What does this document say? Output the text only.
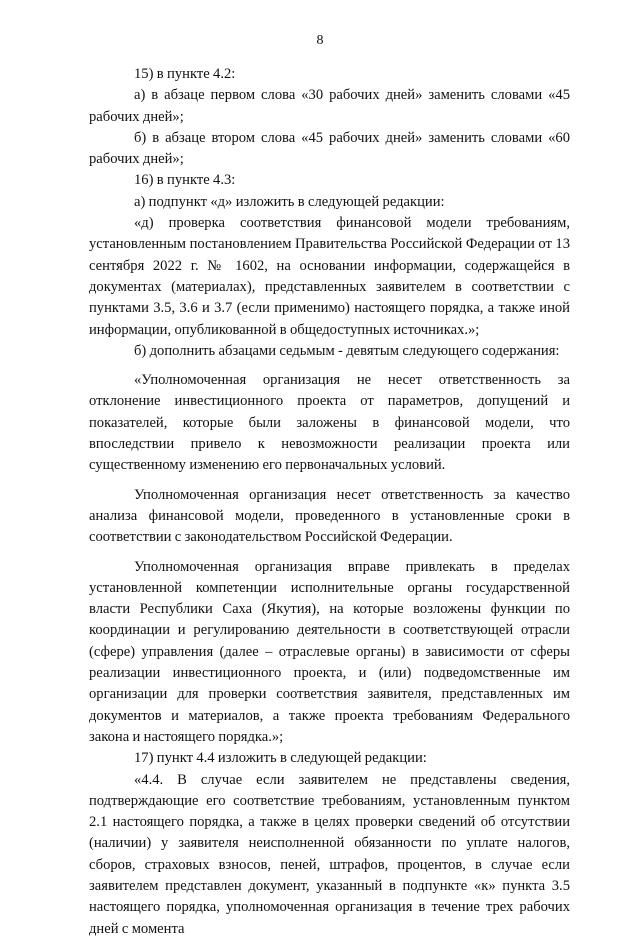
8

15) в пункте 4.2:

а) в абзаце первом слова «30 рабочих дней» заменить словами «45 рабочих дней»;

б) в абзаце втором слова «45 рабочих дней» заменить словами «60 рабочих дней»;

16) в пункте 4.3:

а) подпункт «д» изложить в следующей редакции:

«д) проверка соответствия финансовой модели требованиям, установленным постановлением Правительства Российской Федерации от 13 сентября 2022 г. № 1602, на основании информации, содержащейся в документах (материалах), представленных заявителем в соответствии с пунктами 3.5, 3.6 и 3.7 (если применимо) настоящего порядка, а также иной информации, опубликованной в общедоступных источниках.»;

б) дополнить абзацами седьмым - девятым следующего содержания:

«Уполномоченная организация не несет ответственность за отклонение инвестиционного проекта от параметров, допущений и показателей, которые были заложены в финансовой модели, что впоследствии привело к невозможности реализации проекта или существенному изменению его первоначальных условий.

Уполномоченная организация несет ответственность за качество анализа финансовой модели, проведенного в установленные сроки в соответствии с законодательством Российской Федерации.

Уполномоченная организация вправе привлекать в пределах установленной компетенции исполнительные органы государственной власти Республики Саха (Якутия), на которые возложены функции по координации и регулированию деятельности в соответствующей отрасли (сфере) управления (далее – отраслевые органы) в зависимости от сферы реализации инвестиционного проекта, и (или) подведомственные им организации для проверки соответствия заявителя, представленных им документов и материалов, а также проекта требованиям Федерального закона и настоящего порядка.»;

17) пункт 4.4 изложить в следующей редакции:

«4.4. В случае если заявителем не представлены сведения, подтверждающие его соответствие требованиям, установленным пунктом 2.1 настоящего порядка, а также в целях проверки сведений об отсутствии (наличии) у заявителя неисполненной обязанности по уплате налогов, сборов, страховых взносов, пеней, штрафов, процентов, в случае если заявителем представлен документ, указанный в подпункте «к» пункта 3.5 настоящего порядка, уполномоченная организация в течение трех рабочих дней с момента
